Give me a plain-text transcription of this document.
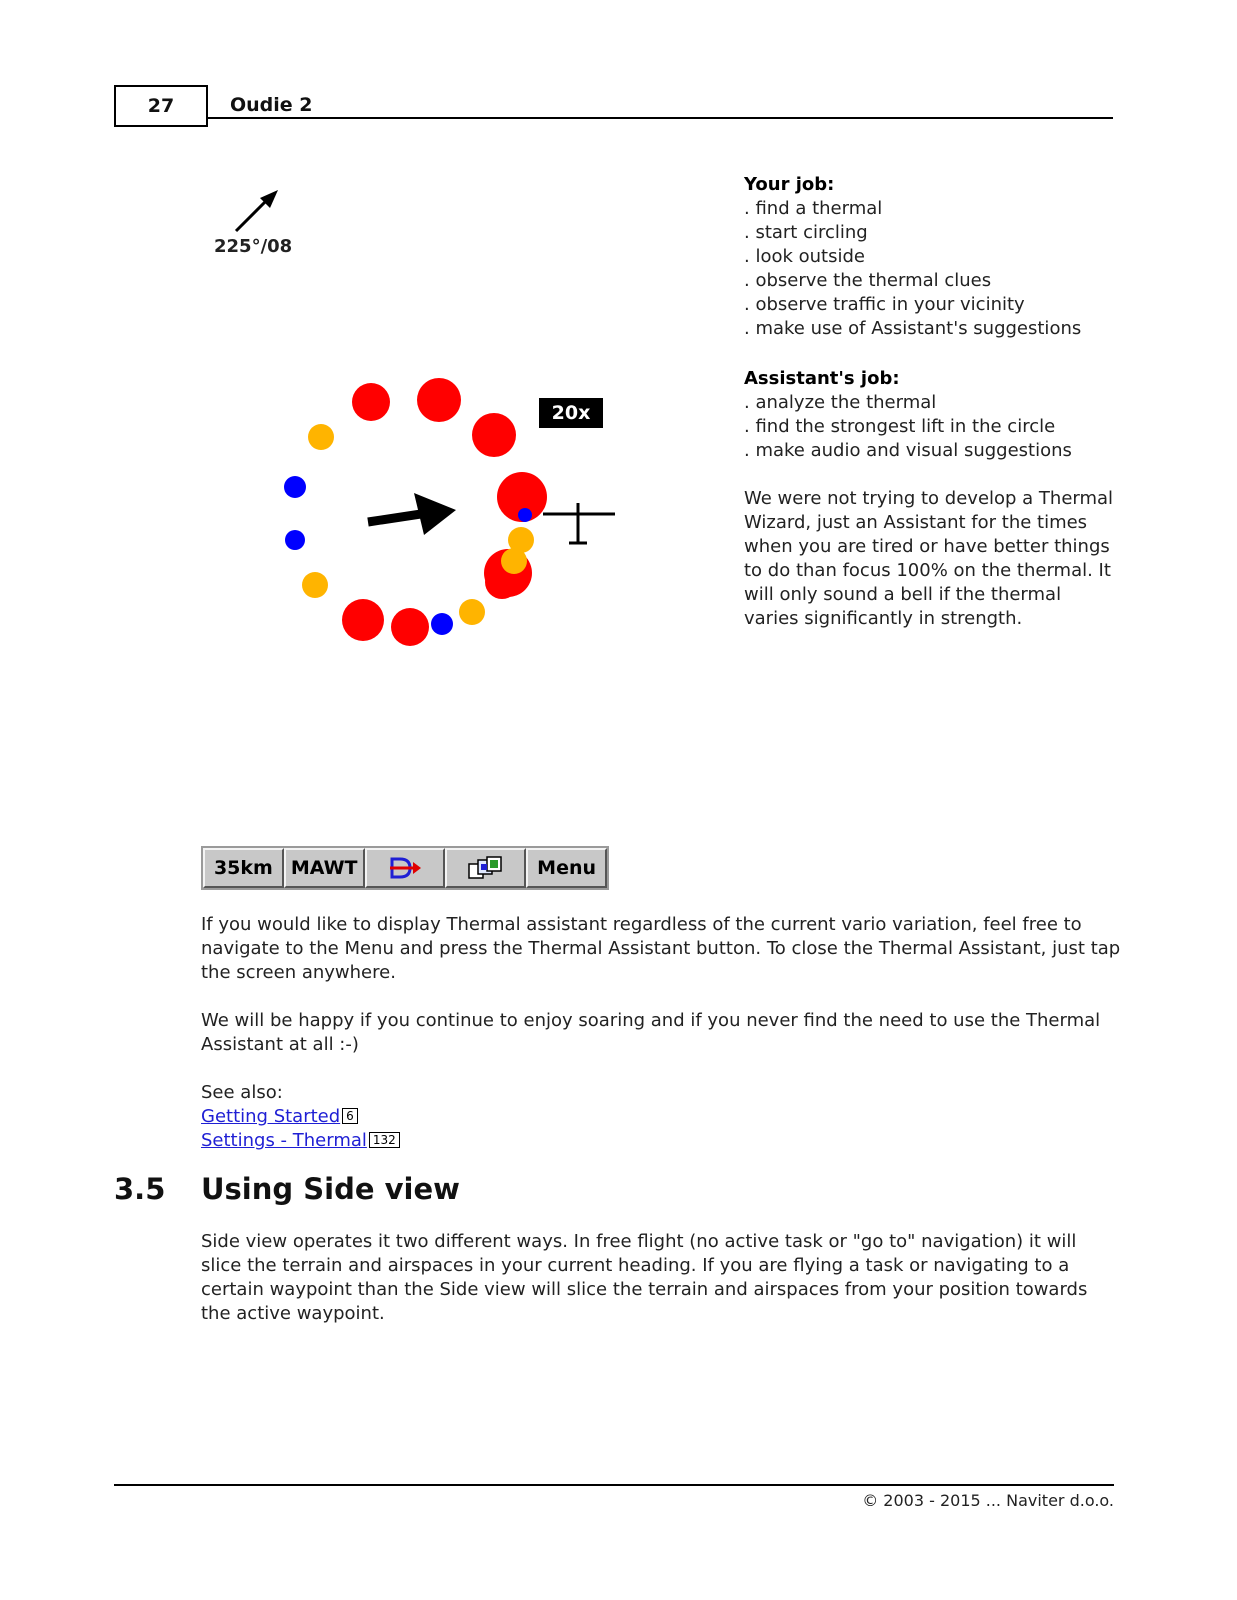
27	Oudie 2
225°/08
20x

Your job:

. find a thermal

. start circling

. look outside

. observe the thermal clues

. observe traffic in your vicinity

. make use of Assistant's suggestions

Assistant's job:

. analyze the thermal

. find the strongest lift in the circle

. make audio and visual suggestions

We were not trying to develop a Thermal Wizard, just an Assistant for the times when you are tired or have better things to do than focus 100% on the thermal. It will only sound a bell if the thermal varies significantly in strength.
35km MAWT	Menu
If you would like to display Thermal assistant regardless of the current vario variation, feel free to navigate to the Menu and press the Thermal Assistant button. To close the Thermal Assistant, just tap the screen anywhere.
We will be happy if you continue to enjoy soaring and if you never find the need to use the Thermal Assistant at all :-)

See also:

Getting Started 6

Settings - Thermal 132

3.5 Using Side view
Side view operates it two different ways. In free flight (no active task or "go to" navigation) it will slice the terrain and airspaces in your current heading. If you are flying a task or navigating to a certain waypoint than the Side view will slice the terrain and airspaces from your position towards the active waypoint.
© 2003 - 2015 ... Naviter d.o.o.
